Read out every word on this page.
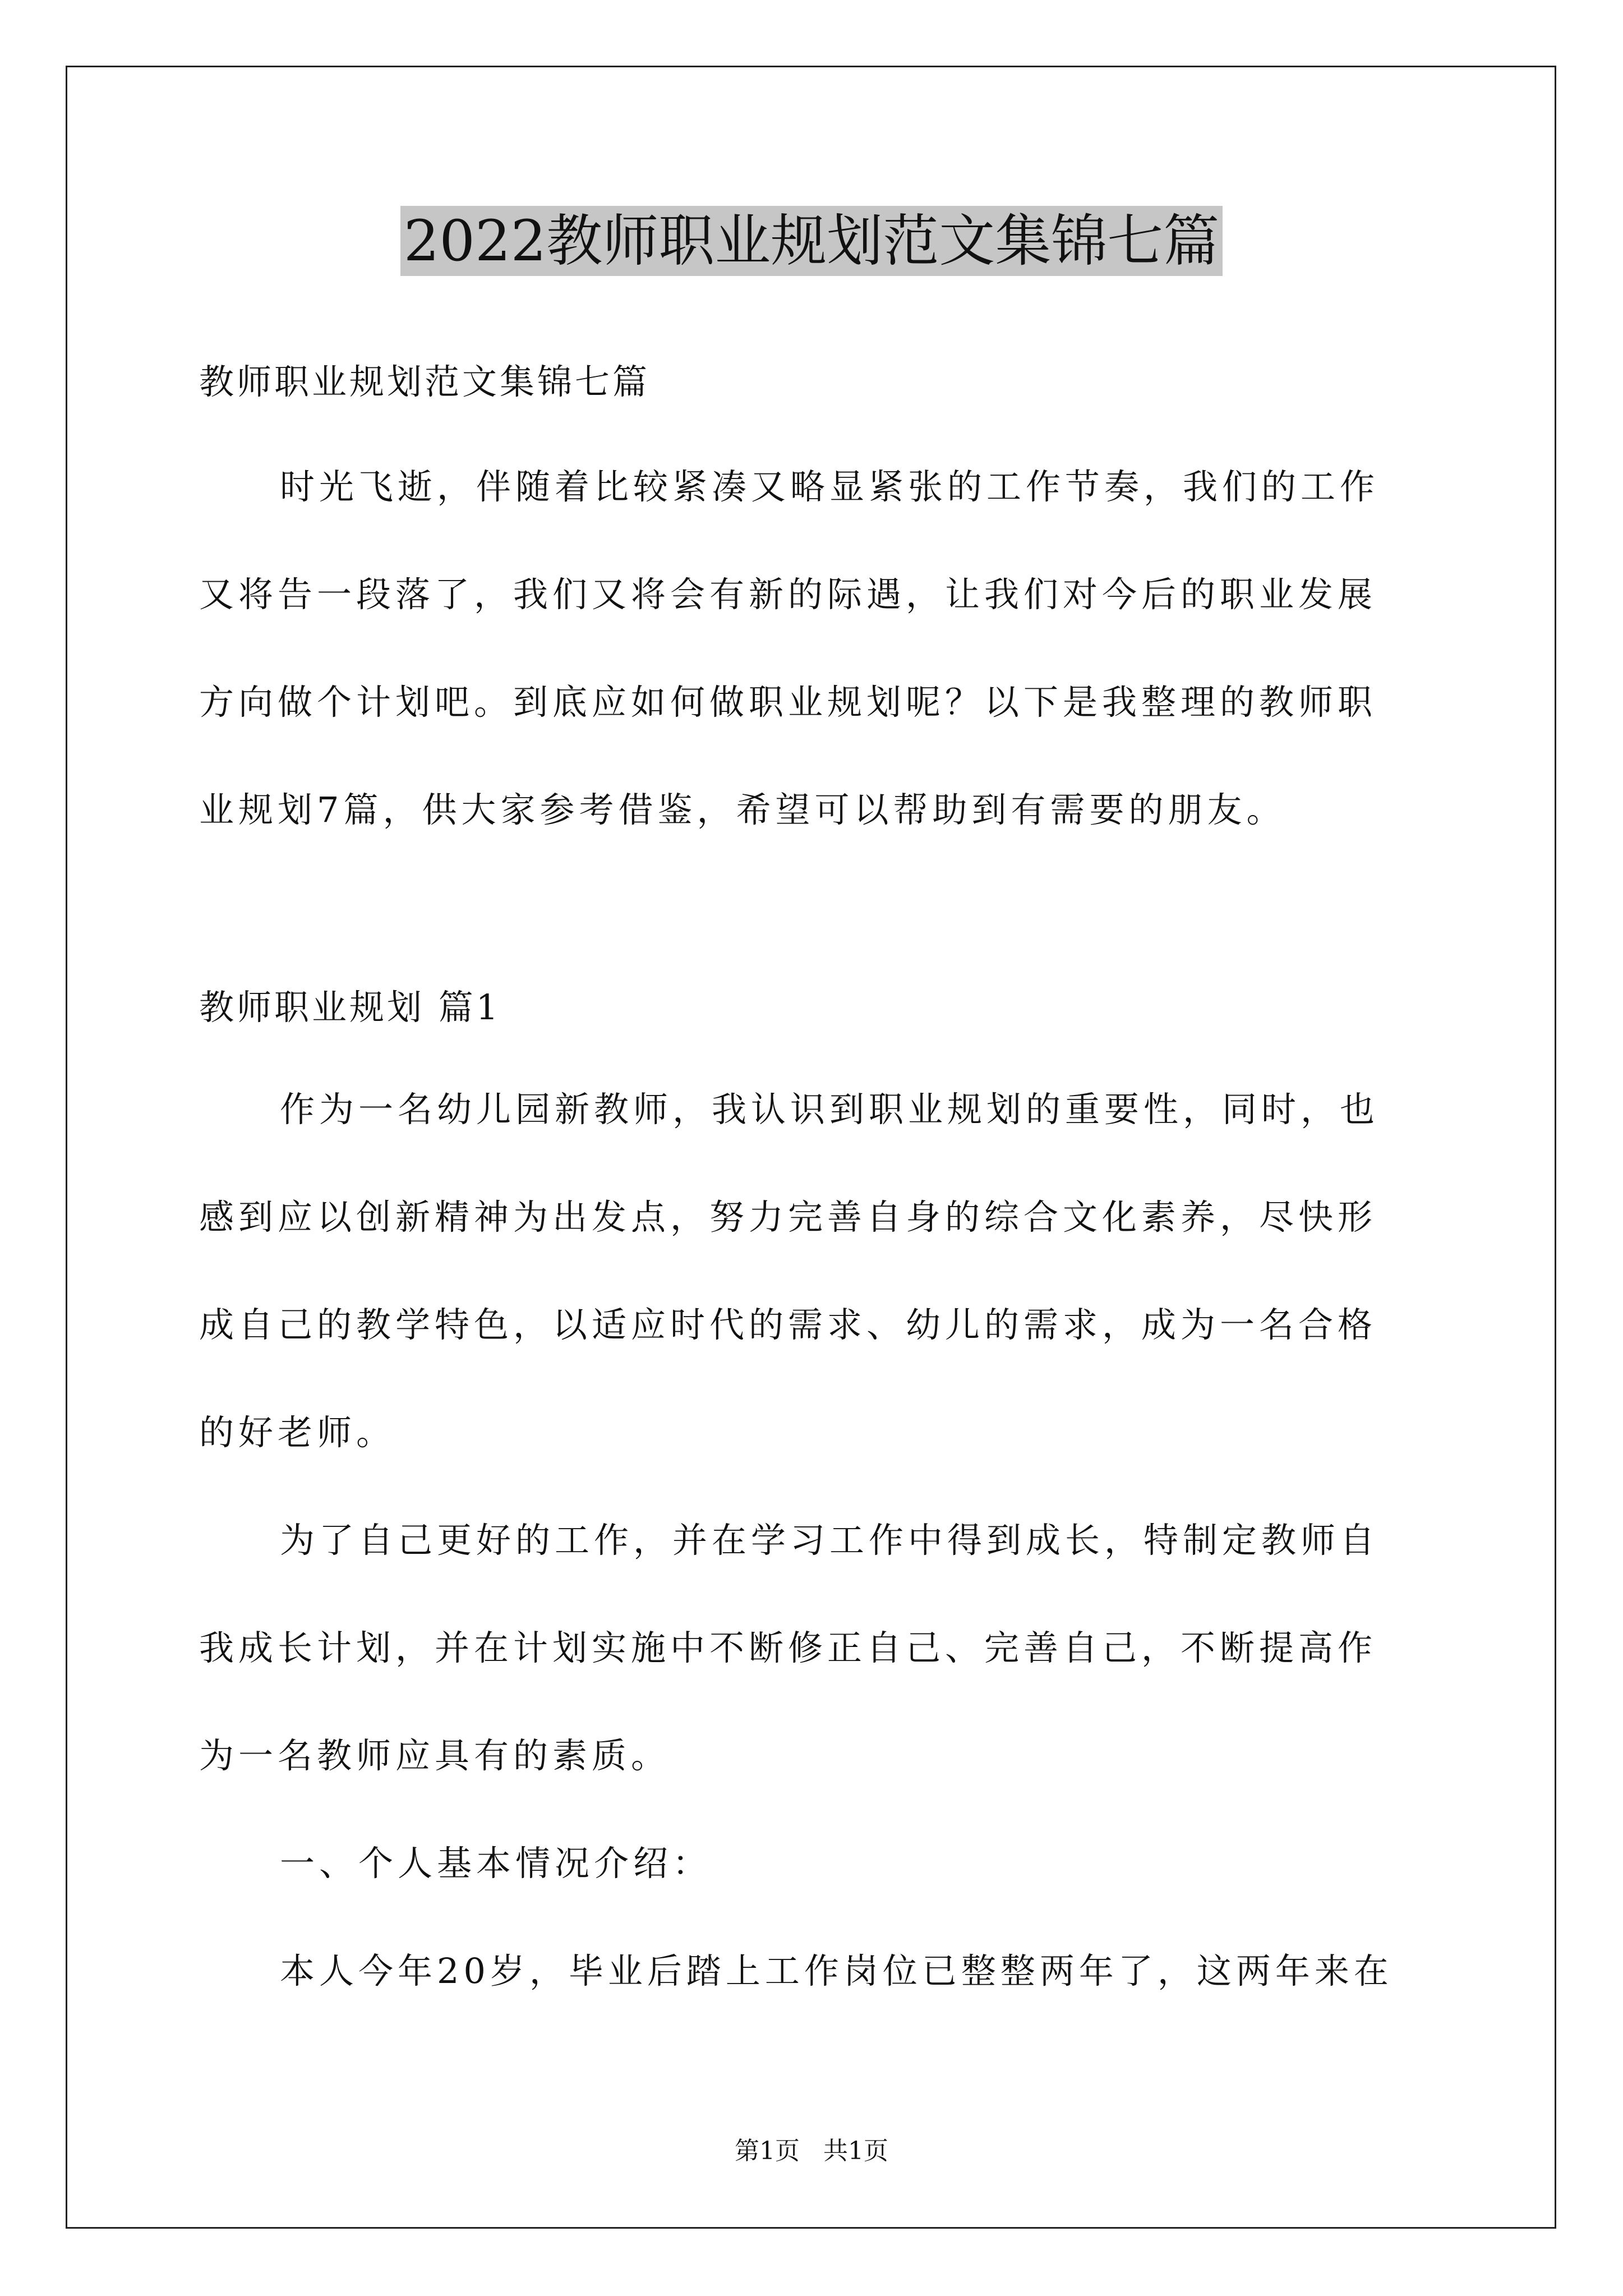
2022教师职业规划范文集锦七篇

教师职业规划范文集锦七篇

时光飞逝，伴随着比较紧凑又略显紧张的工作节奏，我们的工作

又将告一段落了，我们又将会有新的际遇，让我们对今后的职业发展

方向做个计划吧。到底应如何做职业规划呢？以下是我整理的教师职

业规划7篇，供大家参考借鉴，希望可以帮助到有需要的朋友。

教师职业规划 篇1

作为一名幼儿园新教师，我认识到职业规划的重要性，同时，也

感到应以创新精神为出发点，努力完善自身的综合文化素养，尽快形

成自己的教学特色，以适应时代的需求、幼儿的需求，成为一名合格

的好老师。

为了自己更好的工作，并在学习工作中得到成长，特制定教师自

我成长计划，并在计划实施中不断修正自己、完善自己，不断提高作

为一名教师应具有的素质。

一、个人基本情况介绍：

本人今年20岁，毕业后踏上工作岗位已整整两年了，这两年来在

第1页   共1页
